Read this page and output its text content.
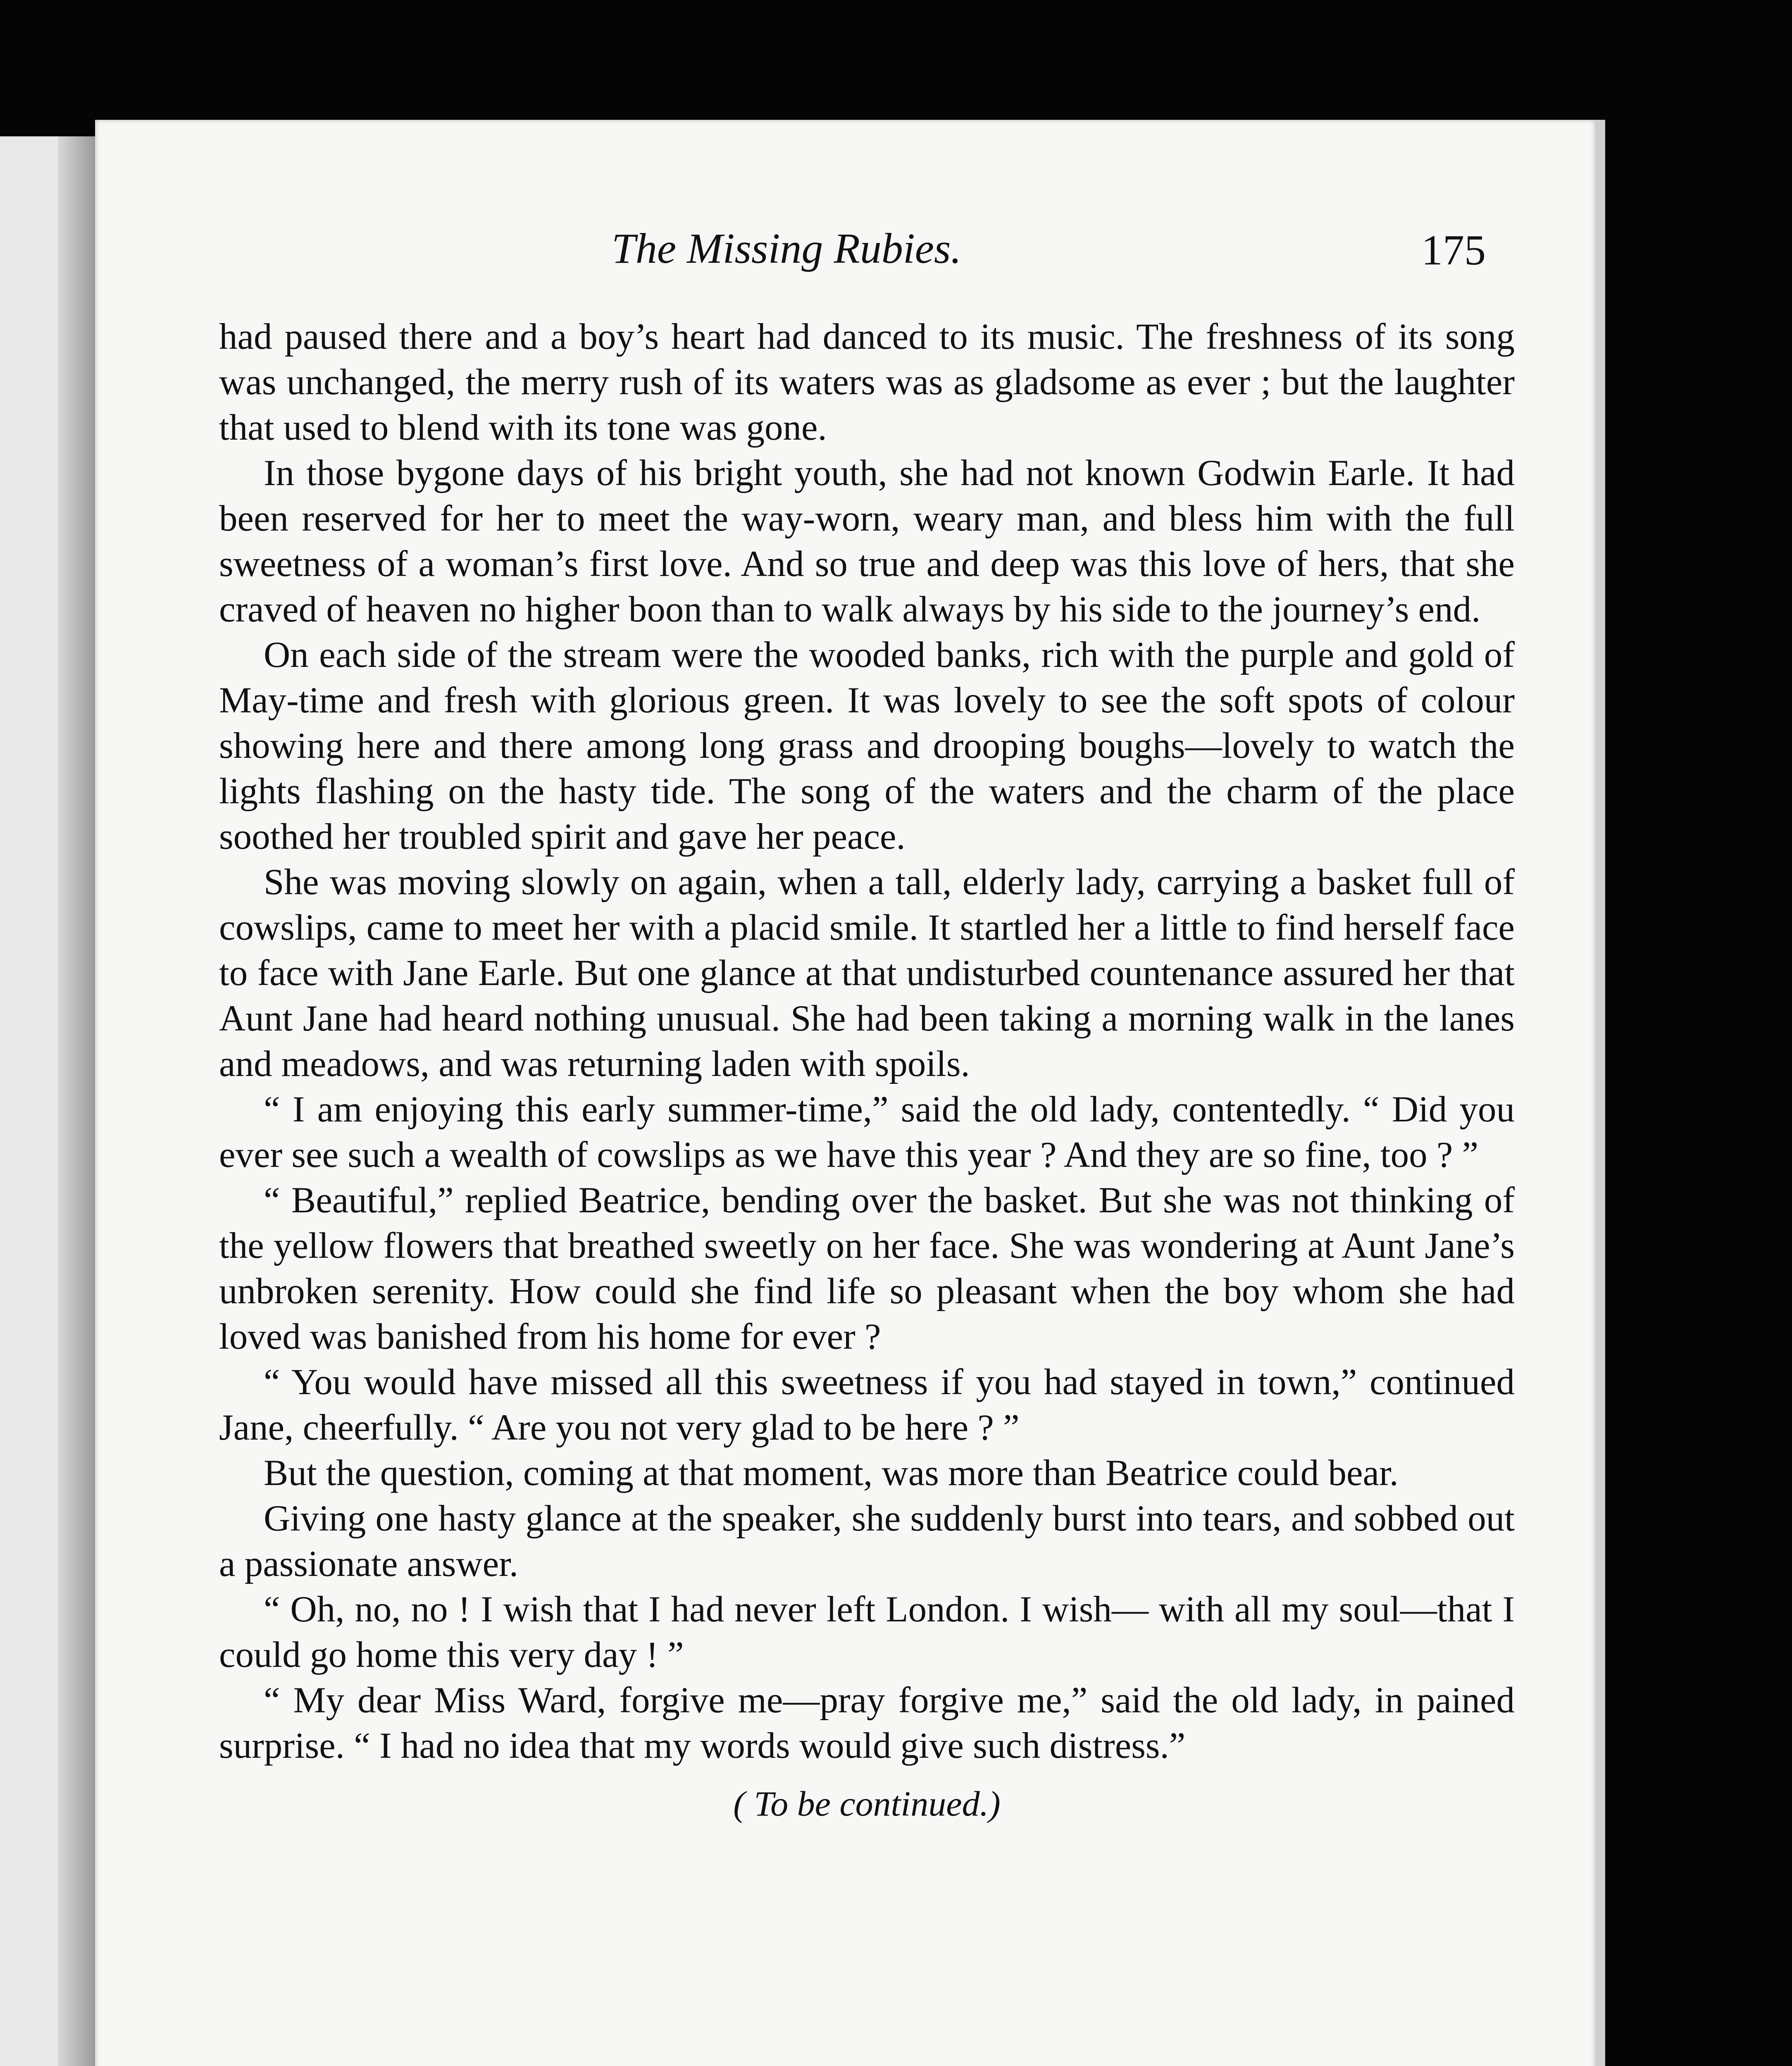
The Missing Rubies.	175

had paused there and a boy’s heart had danced to its music. The freshness of its song was unchanged, the merry rush of its waters was as gladsome as ever ; but the laughter that used to blend with its tone was gone.

In those bygone days of his bright youth, she had not known Godwin Earle. It had been reserved for her to meet the way-worn, weary man, and bless him with the full sweetness of a woman’s first love. And so true and deep was this love of hers, that she craved of heaven no higher boon than to walk always by his side to the journey’s end.

On each side of the stream were the wooded banks, rich with the purple and gold of May-time and fresh with glorious green. It was lovely to see the soft spots of colour showing here and there among long grass and drooping boughs—lovely to watch the lights flashing on the hasty tide. The song of the waters and the charm of the place soothed her troubled spirit and gave her peace.

She was moving slowly on again, when a tall, elderly lady, carrying a basket full of cowslips, came to meet her with a placid smile. It startled her a little to find herself face to face with Jane Earle. But one glance at that undisturbed countenance assured her that Aunt Jane had heard nothing unusual. She had been taking a morning walk in the lanes and meadows, and was returning laden with spoils.

“ I am enjoying this early summer-time,” said the old lady, contentedly. “ Did you ever see such a wealth of cowslips as we have this year ? And they are so fine, too ? ”

“ Beautiful,” replied Beatrice, bending over the basket. But she was not thinking of the yellow flowers that breathed sweetly on her face. She was wondering at Aunt Jane’s unbroken serenity. How could she find life so pleasant when the boy whom she had loved was banished from his home for ever ?

“ You would have missed all this sweetness if you had stayed in town,” continued Jane, cheerfully. “ Are you not very glad to be here ? ”

But the question, coming at that moment, was more than Beatrice could bear.

Giving one hasty glance at the speaker, she suddenly burst into tears, and sobbed out a passionate answer.

“ Oh, no, no ! I wish that I had never left London. I wish— with all my soul—that I could go home this very day ! ”

“ My dear Miss Ward, forgive me—pray forgive me,” said the old lady, in pained surprise. “ I had no idea that my words would give such distress.”

( To be continued.)
